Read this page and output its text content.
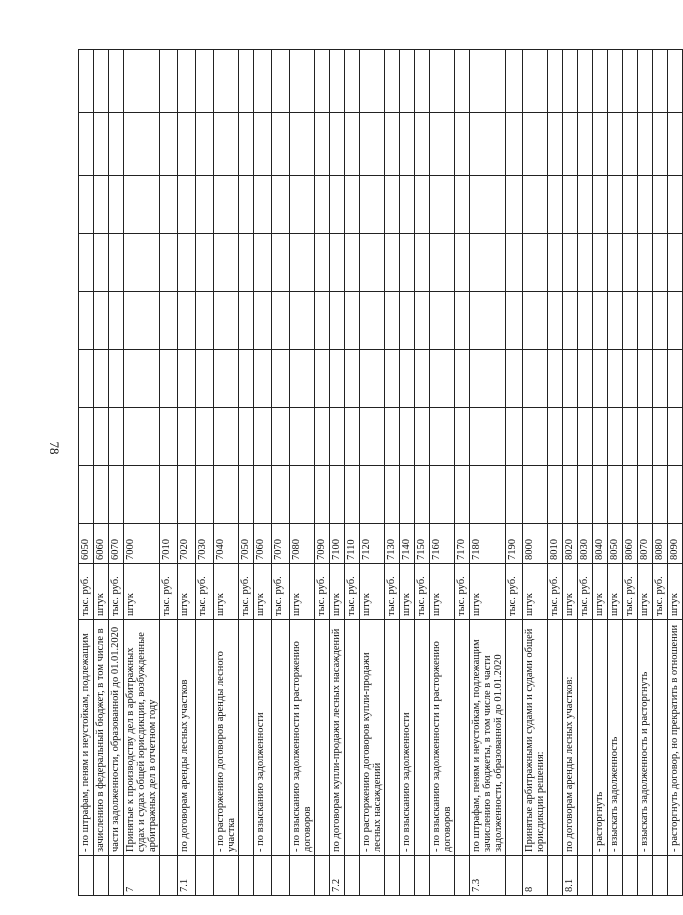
78
	- по штрафам, пеням и неустойкам, подлежащим	тыс. руб.	6050								
	зачислению в федеральный бюджет, в том числе в	штук	6060								
	части задолженности, образованной до 01.01.2020	тыс. руб.	6070								
7	Принятые к производству дел в арбитражных судах и судах общей юрисдикции, возбужденные арбитражных дел в отчетном году	штук	7000								
		тыс. руб.	7010								
7.1	по договорам аренды лесных участков	штук	7020								
		тыс. руб.	7030								
	- по расторжению договоров аренды лесного участка	штук	7040								
		тыс. руб.	7050								
	- по взысканию задолженности	штук	7060								
		тыс. руб.	7070								
	- по взысканию задолженности и расторжению договоров	штук	7080								
		тыс. руб.	7090								
7.2	по договорам купли-продажи лесных насаждений	штук	7100								
		тыс. руб.	7110								
	- по расторжению договоров купли-продажи лесных насаждений	штук	7120								
		тыс. руб.	7130								
	- по взысканию задолженности	штук	7140								
		тыс. руб.	7150								
	- по взысканию задолженности и расторжению договоров	штук	7160								
		тыс. руб.	7170								
7.3	по штрафам, пеням и неустойкам, подлежащим зачислению в бюджеты, в том числе в части задолженности, образованной до 01.01.2020	штук	7180								
		тыс. руб.	7190								
8	Принятые арбитражными судами и судами общей юрисдикции решения:	штук	8000								
		тыс. руб.	8010								
8.1	по договорам аренды лесных участков:	штук	8020								
		тыс. руб.	8030								
	- расторгнуть	штук	8040								
	- взыскать задолженность	штук	8050								
		тыс. руб.	8060								
	- взыскать задолженность и расторгнуть	штук	8070								
		тыс. руб.	8080								
	- расторгнуть договор, но прекратить в отношении	штук	8090								
